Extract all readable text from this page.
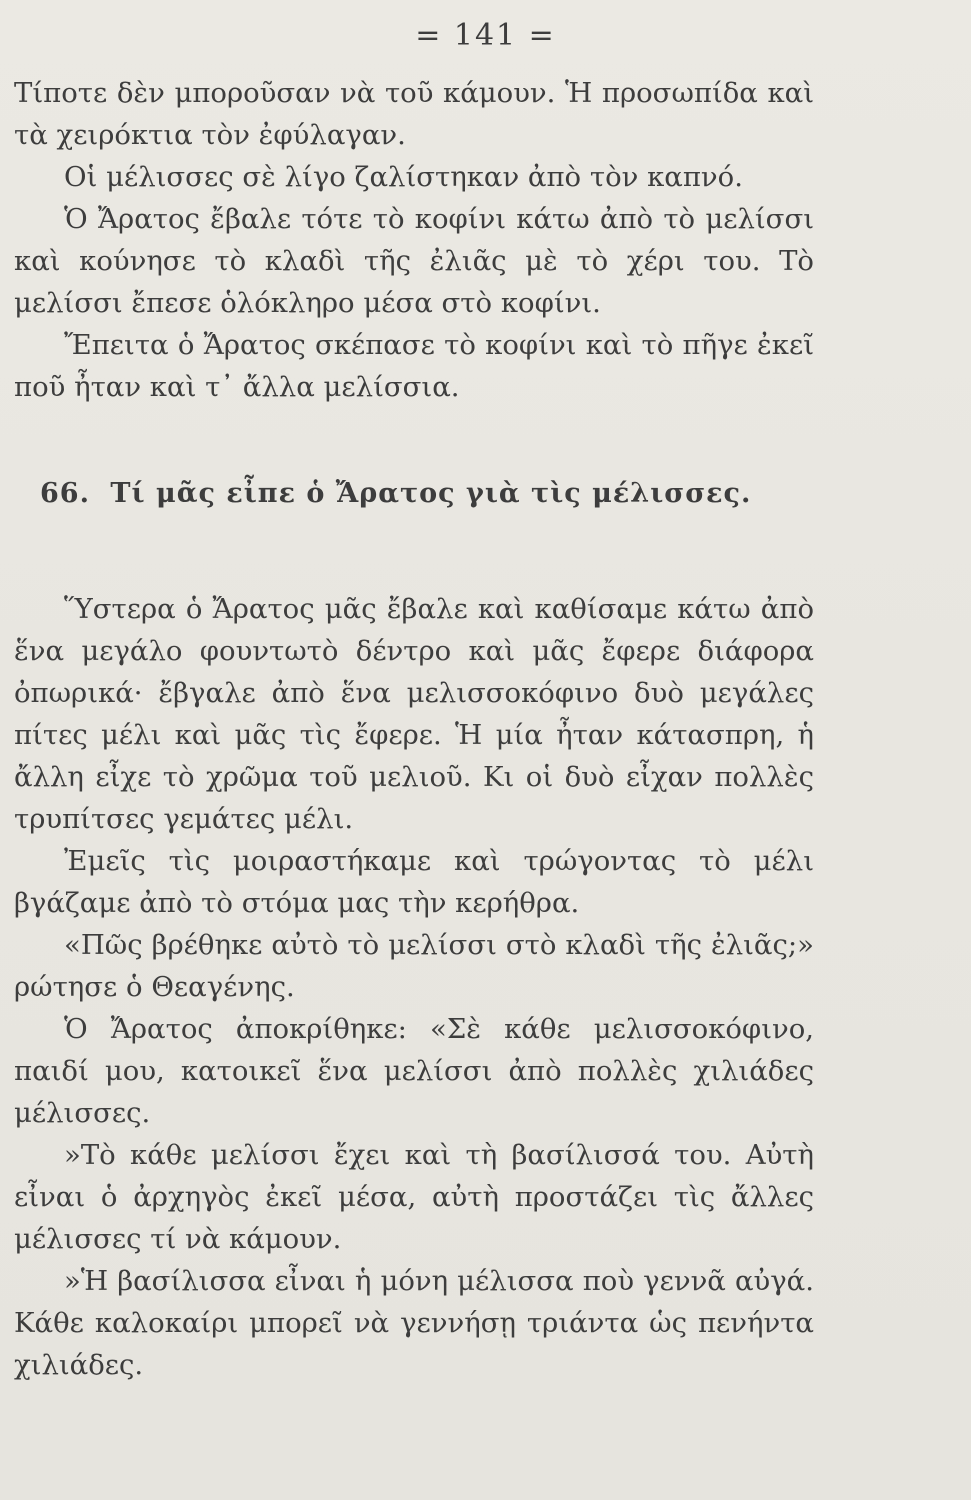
= 141 =

Τίποτε δὲν μποροῦσαν νὰ τοῦ κάμουν. Ἡ προσωπίδα καὶ τὰ χειρόκτια τὸν ἐφύλαγαν.

Οἱ μέλισσες σὲ λίγο ζαλίστηκαν ἀπὸ τὸν καπνό.

Ὁ Ἄρατος ἔβαλε τότε τὸ κοφίνι κάτω ἀπὸ τὸ μελίσσι καὶ κούνησε τὸ κλαδὶ τῆς ἐλιᾶς μὲ τὸ χέρι του. Τὸ μελίσσι ἔπεσε ὁλόκληρο μέσα στὸ κοφίνι.

Ἔπειτα ὁ Ἄρατος σκέπασε τὸ κοφίνι καὶ τὸ πῆγε ἐκεῖ ποῦ ἦταν καὶ τ᾽ ἄλλα μελίσσια.

66. Τί μᾶς εἶπε ὁ Ἄρατος γιὰ τὶς μέλισσες.

Ὕστερα ὁ Ἄρατος μᾶς ἔβαλε καὶ καθίσαμε κάτω ἀπὸ ἕνα μεγάλο φουντωτὸ δέντρο καὶ μᾶς ἔφερε διάφορα ὀπωρικά· ἔβγαλε ἀπὸ ἕνα μελισσοκόφινο δυὸ μεγάλες πίτες μέλι καὶ μᾶς τὶς ἔφερε. Ἡ μία ἦταν κάτασπρη, ἡ ἄλλη εἶχε τὸ χρῶμα τοῦ μελιοῦ. Κι οἱ δυὸ εἶχαν πολλὲς τρυπίτσες γεμάτες μέλι.

Ἐμεῖς τὶς μοιραστήκαμε καὶ τρώγοντας τὸ μέλι βγάζαμε ἀπὸ τὸ στόμα μας τὴν κερήθρα.

«Πῶς βρέθηκε αὐτὸ τὸ μελίσσι στὸ κλαδὶ τῆς ἐλιᾶς;» ρώτησε ὁ Θεαγένης.

Ὁ Ἄρατος ἀποκρίθηκε: «Σὲ κάθε μελισσοκόφινο, παιδί μου, κατοικεῖ ἕνα μελίσσι ἀπὸ πολλὲς χιλιάδες μέλισσες.

»Τὸ κάθε μελίσσι ἔχει καὶ τὴ βασίλισσά του. Αὐτὴ εἶναι ὁ ἀρχηγὸς ἐκεῖ μέσα, αὐτὴ προστάζει τὶς ἄλλες μέλισσες τί νὰ κάμουν.

»Ἡ βασίλισσα εἶναι ἡ μόνη μέλισσα ποὺ γεννᾶ αὐγά. Κάθε καλοκαίρι μπορεῖ νὰ γεννήσῃ τριάντα ὡς πενήντα χιλιάδες.
